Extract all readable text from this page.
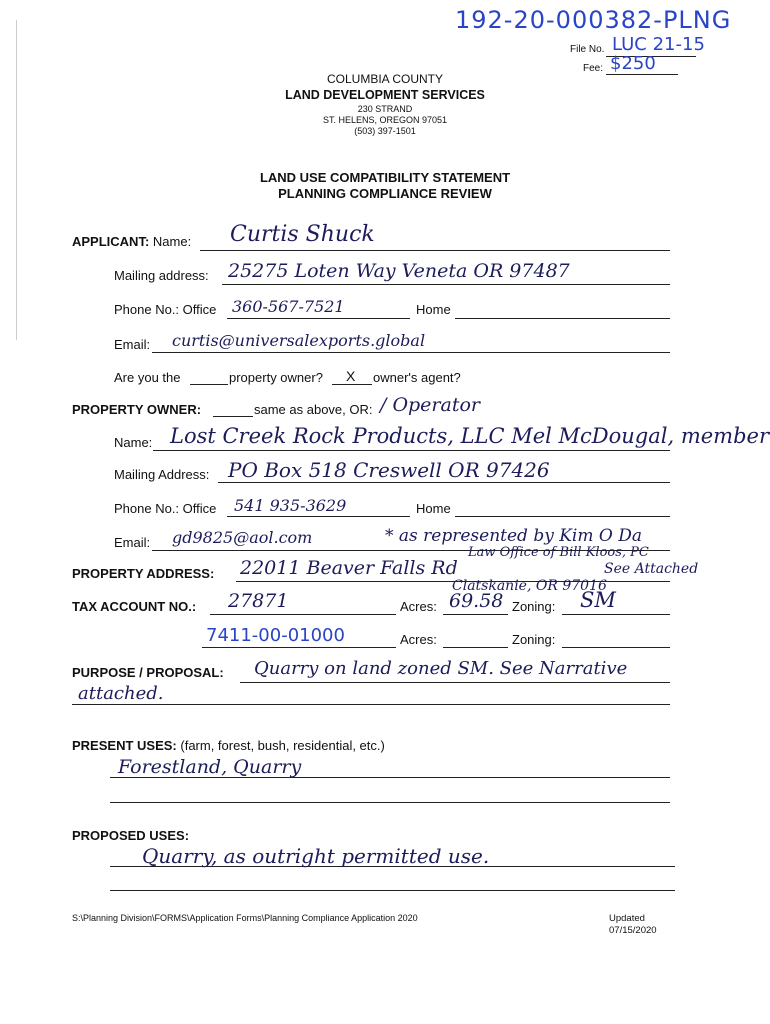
192-20-000382-PLNG
File No. LUC 21-15
Fee: $250
COLUMBIA COUNTY
LAND DEVELOPMENT SERVICES
230 STRAND
ST. HELENS, OREGON 97051
(503) 397-1501
LAND USE COMPATIBILITY STATEMENT
PLANNING COMPLIANCE REVIEW
APPLICANT: Name: Curtis Shuck
Mailing address: 25275 Loten Way Veneta OR 97487
Phone No.: Office 360-567-7521	Home
Email: curtis@universalexports.global
Are you the	property owner? X owner's agent?
PROPERTY OWNER:	same as above, OR: / Operator
Name: Lost Creek Rock Products, LLC Mel McDougal, member
Mailing Address: PO Box 518 Creswell OR 97426
Phone No.: Office 541 935-3629	Home
Email: gd9825@aol.com	* as represented by Kim O Da
Law Office of Bill Kloos, PC
PROPERTY ADDRESS: 22011 Beaver Falls Rd	See Attached
Clatskanie, OR 97016
TAX ACCOUNT NO.: 27871	Acres: 69.58 Zoning: SM
7411-00-01000	Acres:	Zoning:
PURPOSE / PROPOSAL: Quarry on land zoned SM. See Narrative
attached.
PRESENT USES: (farm, forest, bush, residential, etc.)
Forestland, Quarry
PROPOSED USES:
Quarry, as outright permitted use.
S:\Planning Division\FORMS\Application Forms\Planning Compliance Application 2020	Updated
07/15/2020
